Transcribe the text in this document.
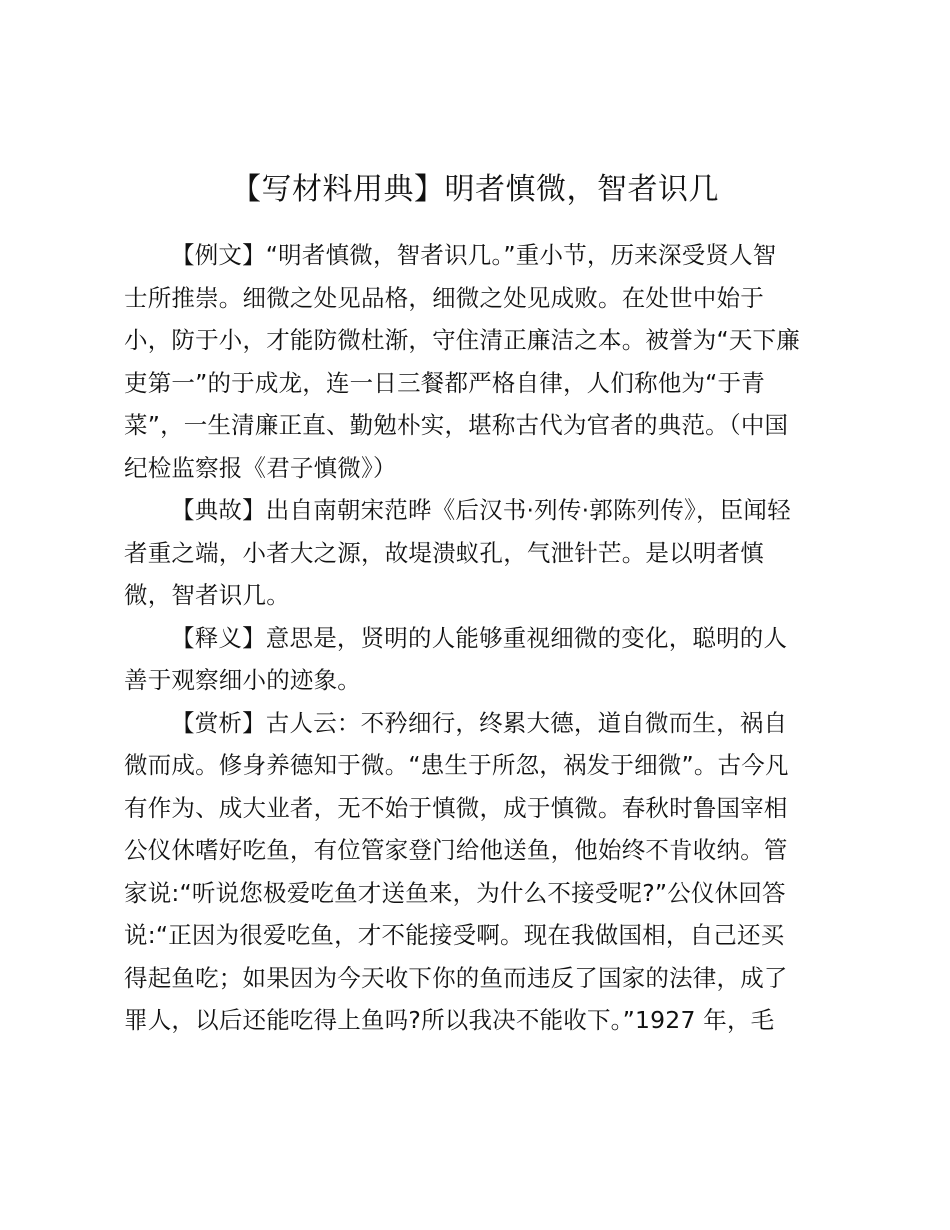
【写材料用典】明者慎微，智者识几
【例文】“明者慎微，智者识几。”重小节，历来深受贤人智
士所推崇。细微之处见品格，细微之处见成败。在处世中始于
小，防于小，才能防微杜渐，守住清正廉洁之本。被誉为“天下廉
吏第一”的于成龙，连一日三餐都严格自律，人们称他为“于青
菜”，一生清廉正直、勤勉朴实，堪称古代为官者的典范。（中国
纪检监察报《君子慎微》）
【典故】出自南朝宋范晔《后汉书·列传·郭陈列传》，臣闻轻
者重之端，小者大之源，故堤溃蚁孔，气泄针芒。是以明者慎
微，智者识几。
【释义】意思是，贤明的人能够重视细微的变化，聪明的人
善于观察细小的迹象。
【赏析】古人云：不矜细行，终累大德，道自微而生，祸自
微而成。修身养德知于微。“患生于所忽，祸发于细微”。古今凡
有作为、成大业者，无不始于慎微，成于慎微。春秋时鲁国宰相
公仪休嗜好吃鱼，有位管家登门给他送鱼，他始终不肯收纳。管
家说:“听说您极爱吃鱼才送鱼来，为什么不接受呢?”公仪休回答
说:“正因为很爱吃鱼，才不能接受啊。现在我做国相，自己还买
得起鱼吃；如果因为今天收下你的鱼而违反了国家的法律，成了
罪人，以后还能吃得上鱼吗?所以我决不能收下。”1927 年，毛
